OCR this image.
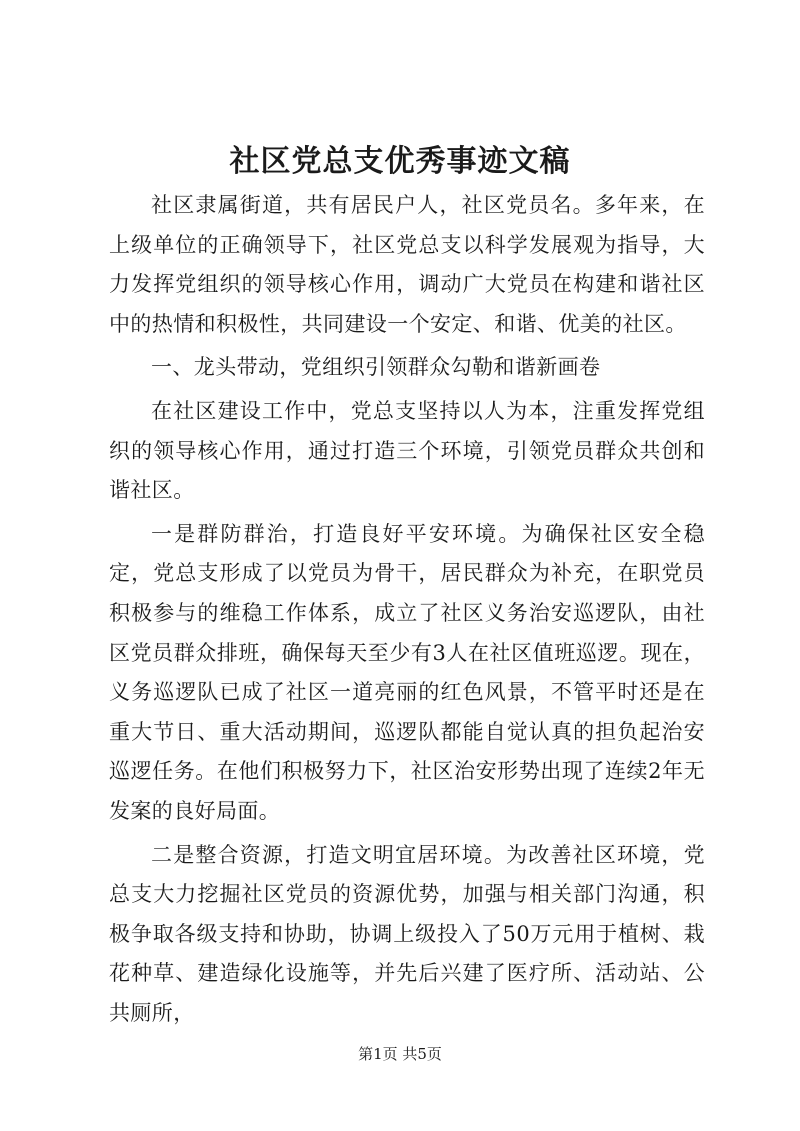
社区党总支优秀事迹文稿

社区隶属街道，共有居民户人，社区党员名。多年来，在上级单位的正确领导下，社区党总支以科学发展观为指导，大力发挥党组织的领导核心作用，调动广大党员在构建和谐社区中的热情和积极性，共同建设一个安定、和谐、优美的社区。

一、龙头带动，党组织引领群众勾勒和谐新画卷

在社区建设工作中，党总支坚持以人为本，注重发挥党组织的领导核心作用，通过打造三个环境，引领党员群众共创和谐社区。

一是群防群治，打造良好平安环境。为确保社区安全稳定，党总支形成了以党员为骨干，居民群众为补充，在职党员积极参与的维稳工作体系，成立了社区义务治安巡逻队，由社区党员群众排班，确保每天至少有3人在社区值班巡逻。现在，义务巡逻队已成了社区一道亮丽的红色风景，不管平时还是在重大节日、重大活动期间，巡逻队都能自觉认真的担负起治安巡逻任务。在他们积极努力下，社区治安形势出现了连续2年无发案的良好局面。

二是整合资源，打造文明宜居环境。为改善社区环境，党总支大力挖掘社区党员的资源优势，加强与相关部门沟通，积极争取各级支持和协助，协调上级投入了50万元用于植树、栽花种草、建造绿化设施等，并先后兴建了医疗所、活动站、公共厕所，

第1页 共5页
